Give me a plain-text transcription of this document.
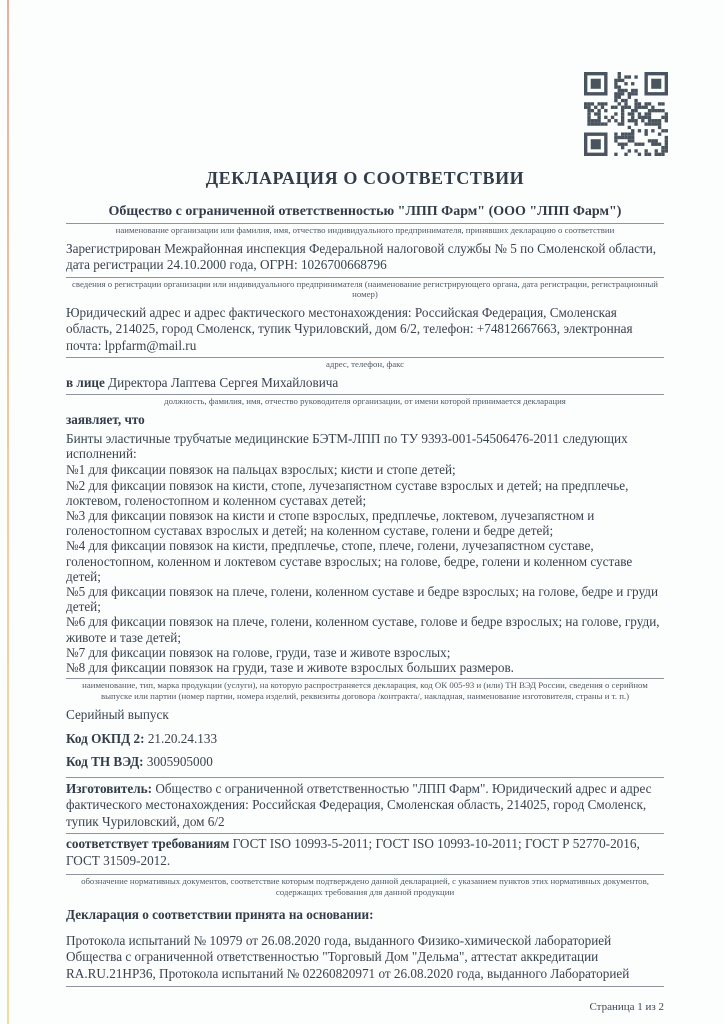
ДЕКЛАРАЦИЯ О СООТВЕТСТВИИ
Общество с ограниченной ответственностью "ЛПП Фарм" (ООО "ЛПП Фарм")
наименование организации или фамилия, имя, отчество индивидуального предпринимателя, принявших декларацию о соответствии

Зарегистрирован Межрайонная инспекция Федеральной налоговой службы № 5 по Смоленской области, дата регистрации 24.10.2000 года, ОГРН: 1026700668796

сведения о регистрации организации или индивидуального предпринимателя (наименование регистрирующего органа, дата регистрации, регистрационный номер)

Юридический адрес и адрес фактического местонахождения: Российская Федерация, Смоленская область, 214025, город Смоленск, тупик Чуриловский, дом 6/2, телефон: +74812667663, электронная почта: lppfarm@mail.ru

адрес, телефон, факс

в лице Директора Лаптева Сергея Михайловича

должность, фамилия, имя, отчество руководителя организации, от имени которой принимается декларация

заявляет, что

Бинты эластичные трубчатые медицинские БЭТМ-ЛПП по ТУ 9393-001-54506476-2011 следующих исполнений:

№1 для фиксации повязок на пальцах взрослых; кисти и стопе детей;
№2 для фиксации повязок на кисти, стопе, лучезапястном суставе взрослых и детей; на предплечье, локтевом, голеностопном и коленном суставах детей;
№3 для фиксации повязок на кисти и стопе взрослых, предплечье, локтевом, лучезапястном и голеностопном суставах взрослых и детей; на коленном суставе, голени и бедре детей;
№4 для фиксации повязок на кисти, предплечье, стопе, плече, голени, лучезапястном суставе, голеностопном, коленном и локтевом суставе взрослых; на голове, бедре, голени и коленном суставе детей;
№5 для фиксации повязок на плече, голени, коленном суставе и бедре взрослых; на голове, бедре и груди детей;
№6 для фиксации повязок на плече, голени, коленном суставе, голове и бедре взрослых; на голове, груди, животе и тазе детей;
№7 для фиксации повязок на голове, груди, тазе и животе взрослых;
№8 для фиксации повязок на груди, тазе и животе взрослых больших размеров.
наименование, тип, марка продукции (услуги), на которую распространяется декларация, код ОК 005-93 и (или) ТН ВЭД России, сведения о серийном выпуске или партии (номер партии, номера изделий, реквизиты договора /контракта/, накладная, наименование изготовителя, страны и т. п.)

Серийный выпуск

Код ОКПД 2: 21.20.24.133

Код ТН ВЭД: 3005905000

Изготовитель: Общество с ограниченной ответственностью "ЛПП Фарм". Юридический адрес и адрес фактического местонахождения: Российская Федерация, Смоленская область, 214025, город Смоленск, тупик Чуриловский, дом 6/2

соответствует требованиям ГОСТ ISO 10993-5-2011; ГОСТ ISO 10993-10-2011; ГОСТ Р 52770-2016, ГОСТ 31509-2012.

обозначение нормативных документов, соответствие которым подтверждено данной декларацией, с указанием пунктов этих нормативных документов, содержащих требования для данной продукции

Декларация о соответствии принята на основании:

Протокола испытаний № 10979 от 26.08.2020 года, выданного Физико-химической лабораторией Общества с ограниченной ответственностью "Торговый Дом "Дельма", аттестат аккредитации RA.RU.21HP36, Протокола испытаний № 02260820971 от 26.08.2020 года, выданного Лабораторией

Страница 1 из 2
